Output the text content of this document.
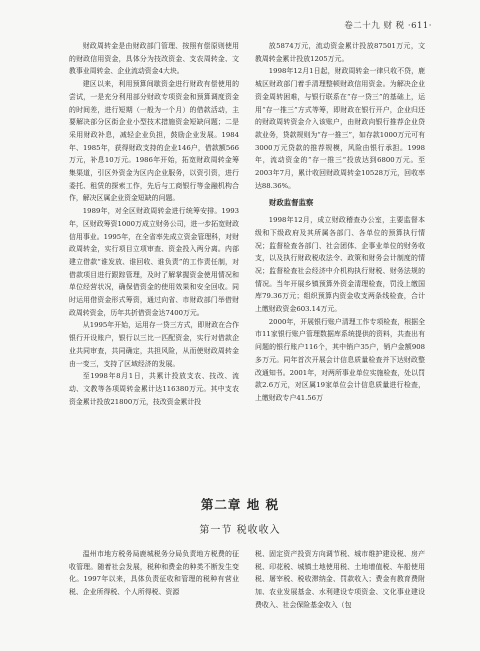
卷二十九 财 税 ·611·

财政周转金是由财政部门管理、按照有偿原则使用的财政信用资金，具体分为技改资金、支农周转金、文教事业周转金、企业流动资金4大块。

建区以来，利用预算间歇资金进行财政有偿使用的尝试，一是充分利用部分财政专项资金和预算调度资金的时间差，进行短期（一般为一个月）的借款活动，主要解决部分区街企业小型技术措施资金短缺问题；二是采用财政补息，减轻企业负担，鼓励企业发展。1984年、1985年，获得财政支持的企业146户，借款额566万元，补息10万元。1986年开始，拓宽财政周转金筹集渠道，引区外资金为区内企业服务，以资引资，进行委托、租赁的探索工作，先后与工商银行等金融机构合作，解决区属企业资金短缺的问题。

1989年，对全区财政周转金进行统筹安排。1993年，区财政筹资1000万成立财务公司，进一步拓宽财政信用事业。1995年，在全省率先成立资金管理科，对财政周转金，实行项目立项审查、资金投入两分离。内部建立借款“谁发放、谁回收、谁负责”的工作责任制，对借款项目进行跟踪管理，及时了解掌握资金使用情况和单位经营状况，确保借资金的使用效果和安全回收。同时运用借资金形式筹资，通过向省、市财政部门举借财政周转资金，历年共折借资金达7400万元。

从1995年开始，运用存一贷三方式，即财政在合作银行开设账户，银行以三比一匹配资金，实行对借款企业共同审查，共同确定，共担风险，从而使财政周转金由一变三，支持了区域经济的发展。

至1998年8月1日，共累计投放支农、技改、流动、文教等各项周转金累计达116380万元。其中支农资金累计投放21800万元，技改资金累计投

放5874万元，流动资金累计投放87501万元，文教周转金累计投放1205万元。

1998年12月1日起，财政周转金一律只收不贷，鹿城区财政部门着手清理整顿财政信用资金。为解决企业资金周转困难，与银行联系在“存一贷三”的基础上，运用“存一推三”方式等筹，即财政在银行开户，企业归还的财政周转资金介入该账户，由财政向银行推荐企业贷款业务，贷款规则为“存一推三”，如存款1000万元可有3000万元贷款的推荐规模，风险由银行承担。1998年，流动资金的“存一推三”投放达到6800万元。至2003年7月，累计收回财政周转金10528万元，回收率达88.36%。

财政监督监察

1998年12月，成立财政稽查办公室，主要监督本级和下级政府及其所属各部门、各单位的预算执行情况；监督检查各部门、社会团体、企事业单位的财务收支，以及执行财政税收法令、政策和财务会计制度的情况；监督检查社会经济中介机构执行财税、财务法规的情况。当年开展乡镇预算外资金清理检查，罚没上缴国库79.36万元；组织预算内资金收支两条线检查，合计上缴财政资金603.14万元。

2000年，开展银行账户清理工作专项检查，根据全市11家银行账户管理数据库系统提供的资料，共查出有问题的银行账户116个，其中销户35户，销户金额908多万元。同年首次开展会计信息质量检查并下达财政整改通知书。2001年，对两所事业单位实施检查，处以罚款2.6万元，对区属19家单位会计信息质量进行检查，上缴财政专户41.56万

第二章 地 税
第一节 税收收入

温州市地方税务局鹿城税务分局负责地方税费的征收管理。随着社会发展，税种和费金的种类不断发生变化。1997年以来，具体负责征收和管理的税种有营业税、企业所得税、个人所得税、资源

税、固定资产投资方向调节税、城市维护建设税、房产税、印花税、城镇土地使用税、土地增值税、车船使用税、屠宰税、税收滞纳金、罚款收入；费金有教育费附加、农业发展基金、水利建设专项资金、文化事业建设费收入、社会保险基金收入（包
